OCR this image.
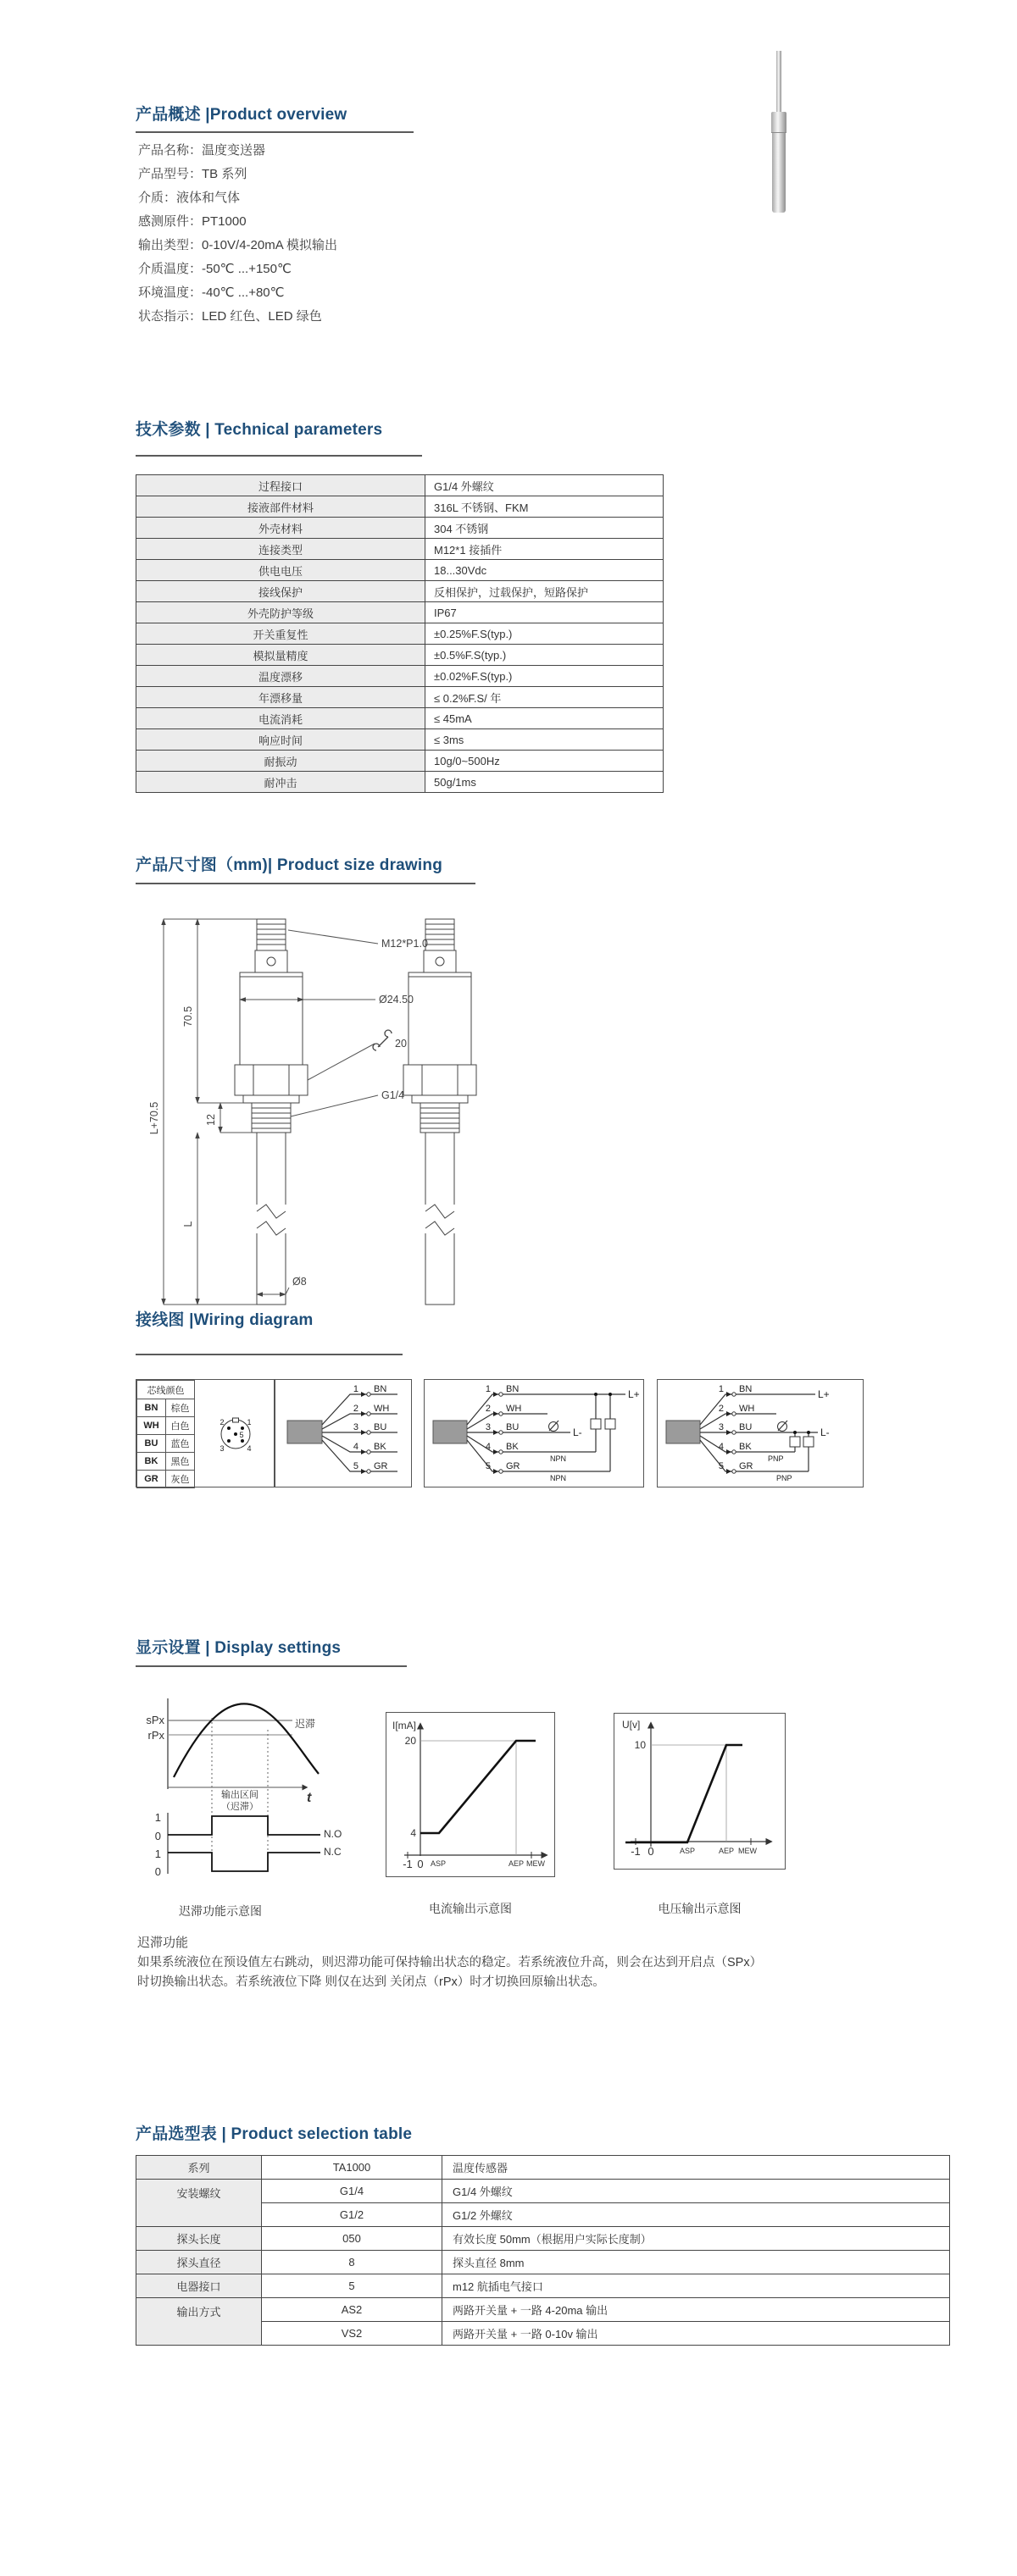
产品概述 |Product overview
产品名称：温度变送器
产品型号：TB 系列
介质：液体和气体
感测原件：PT1000
输出类型：0-10V/4-20mA 模拟输出
介质温度：-50℃ ...+150℃
环境温度：-40℃ ...+80℃
状态指示：LED 红色、LED 绿色
技术参数 | Technical parameters
过程接口	G1/4 外螺纹
接液部件材料	316L 不锈钢、FKM
外壳材料	304 不锈钢
连接类型	M12*1 接插件
供电电压	18...30Vdc
接线保护	反相保护，过载保护，短路保护
外壳防护等级	IP67
开关重复性	±0.25%F.S(typ.)
模拟量精度	±0.5%F.S(typ.)
温度漂移	±0.02%F.S(typ.)
年漂移量	≤ 0.2%F.S/ 年
电流消耗	≤ 45mA
响应时间	≤ 3ms
耐振动	10g/0~500Hz
耐冲击	50g/1ms
产品尺寸图（mm)| Product size drawing
M12*P1.0
Ø24.50
20
G1/4
Ø8
L+70.5
70.5
12
L
接线图 |Wiring diagram
芯线颜色	
BN	棕色
WH	白色
BU	蓝色
BK	黑色
GR	灰色
2	1
5
3	4
1 BN
2 WH
3 BU
4 BK
5 GR
1 BN
2 WH
3 BU
4 BK
5 GR
L+
L-
NPN
NPN
1 BN
2 WH
3 BU
4 BK
5 GR
L+
L-
PNP
PNP
显示设置 | Display settings
sPx
rPx
迟滞
t
输出区间
（迟滞）
1
0
1
0
N.O
N.C
迟滞功能示意图
I[mA]
20
4
-1 0 ASP	AEP MEW
电流输出示意图
U[v]
10
-1 0	ASP	AEP MEW
电压输出示意图
迟滞功能
如果系统液位在预设值左右跳动，则迟滞功能可保持输出状态的稳定。若系统液位升高，则会在达到开启点（SPx）
时切换输出状态。若系统液位下降 则仅在达到 关闭点（rPx）时才切换回原输出状态。
产品选型表 | Product selection table
系列	TA1000	温度传感器
安装螺纹	G1/4	G1/4 外螺纹
	G1/2	G1/2 外螺纹
探头长度	050	有效长度 50mm（根据用户实际长度制）
探头直径	8	探头直径 8mm
电器接口	5	m12 航插电气接口
输出方式	AS2	两路开关量 + 一路 4-20ma 输出
	VS2	两路开关量 + 一路 0-10v 输出
